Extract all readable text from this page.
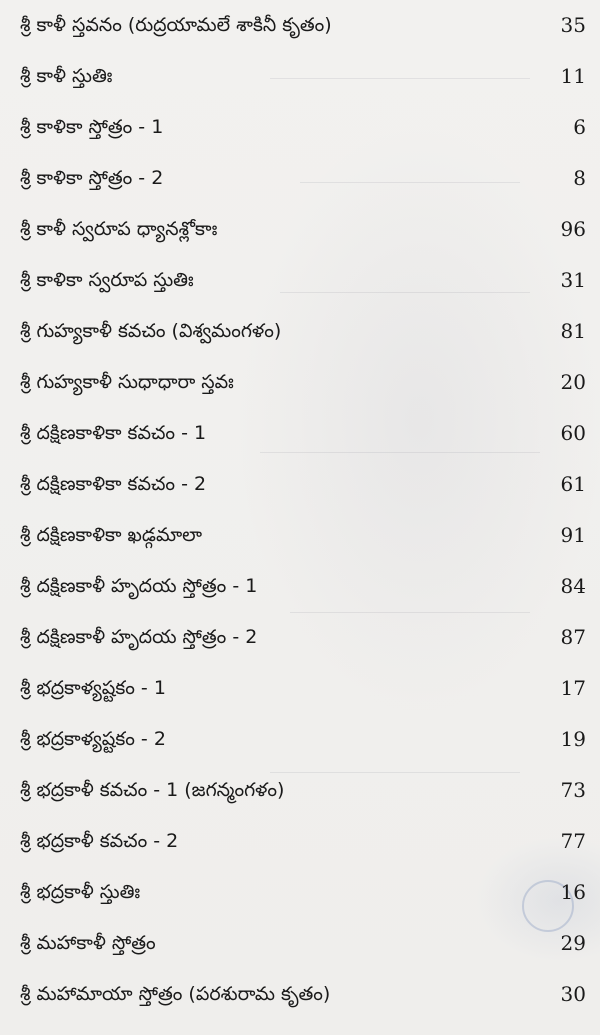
శ్రీ కాళీ స్తవనం (రుద్రయామలే శాకినీ కృతం)	35
శ్రీ కాళీ స్తుతిః	11
శ్రీ కాళికా స్తోత్రం - 1	6
శ్రీ కాళికా స్తోత్రం - 2	8
శ్రీ కాళీ స్వరూప ధ్యానశ్లోకాః	96
శ్రీ కాళికా స్వరూప స్తుతిః	31
శ్రీ గుహ్యకాళీ కవచం (విశ్వమంగళం)	81
శ్రీ గుహ్యకాళీ సుధాధారా స్తవః	20
శ్రీ దక్షిణకాళికా కవచం - 1	60
శ్రీ దక్షిణకాళికా కవచం - 2	61
శ్రీ దక్షిణకాళికా ఖడ్గమాలా	91
శ్రీ దక్షిణకాళీ హృదయ స్తోత్రం - 1	84
శ్రీ దక్షిణకాళీ హృదయ స్తోత్రం - 2	87
శ్రీ భద్రకాళ్యష్టకం - 1	17
శ్రీ భద్రకాళ్యష్టకం - 2	19
శ్రీ భద్రకాళీ కవచం - 1 (జగన్మంగళం)	73
శ్రీ భద్రకాళీ కవచం - 2	77
శ్రీ భద్రకాళీ స్తుతిః	16
శ్రీ మహాకాళీ స్తోత్రం	29
శ్రీ మహామాయా స్తోత్రం (పరశురామ కృతం)	30
